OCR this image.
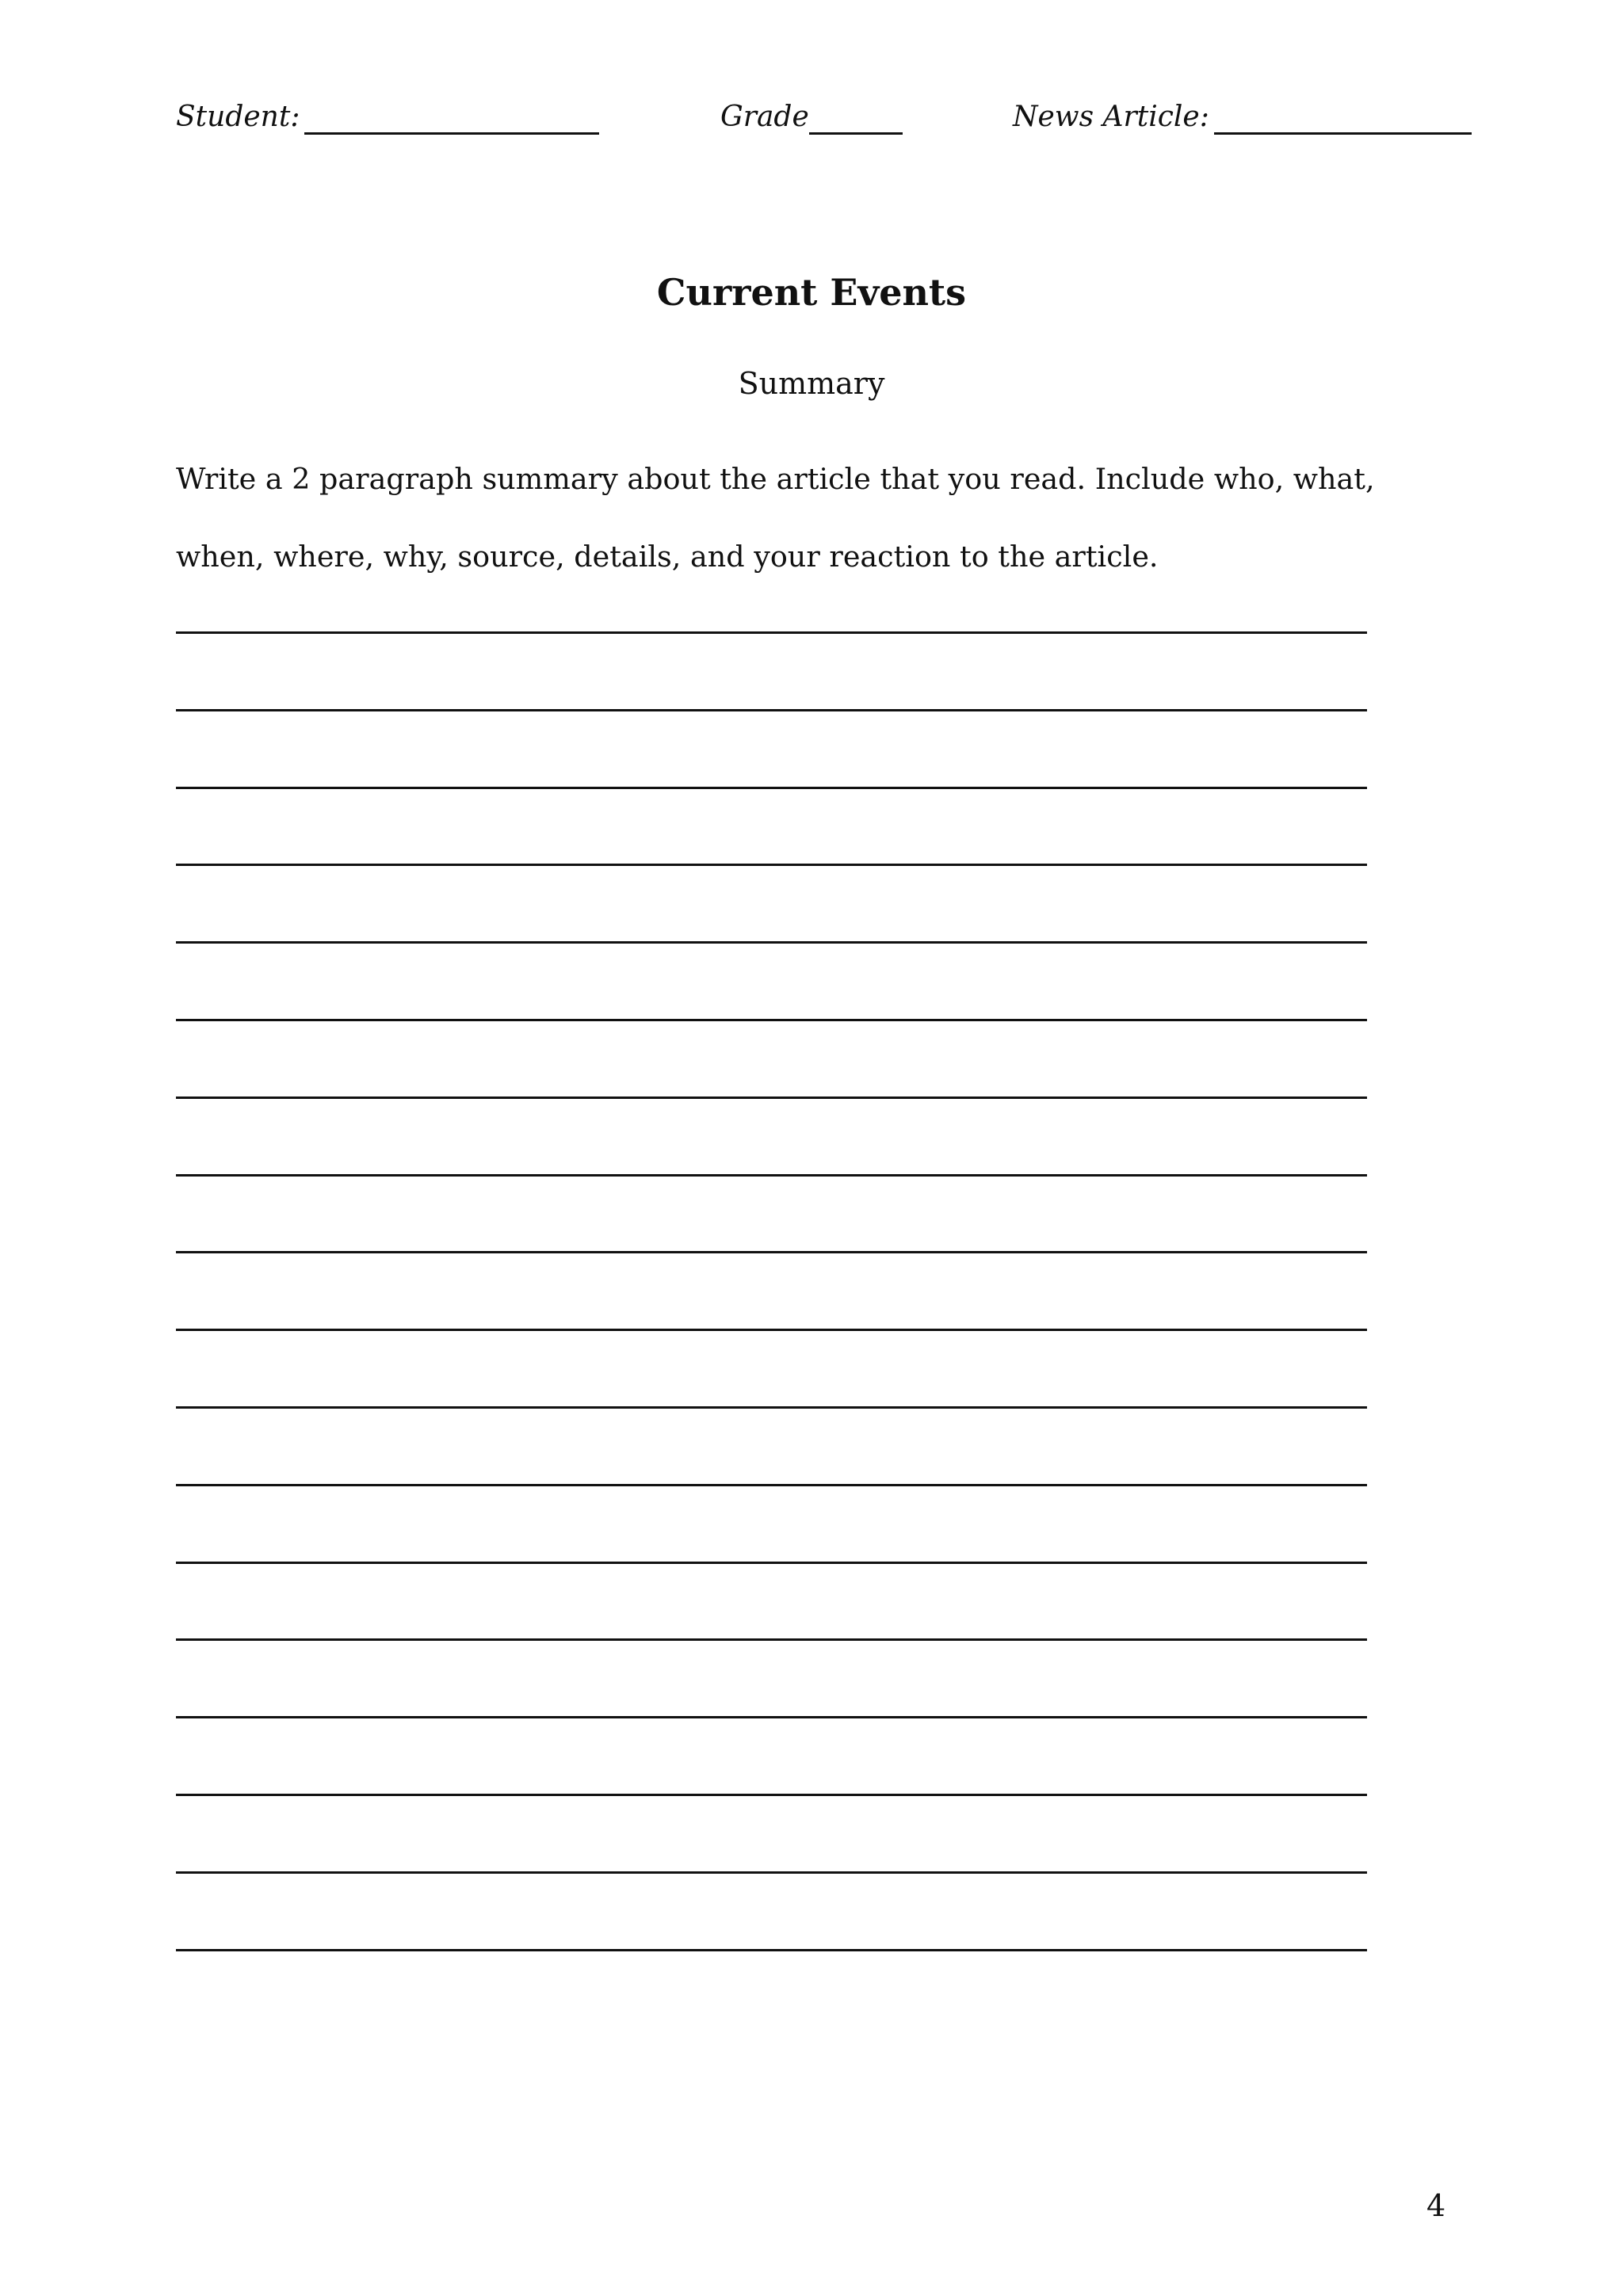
Student:	Grade	News Article:
Current Events
Summary

Write a 2 paragraph summary about the article that you read. Include who, what, when, where, why, source, details, and your reaction to the article.

4
